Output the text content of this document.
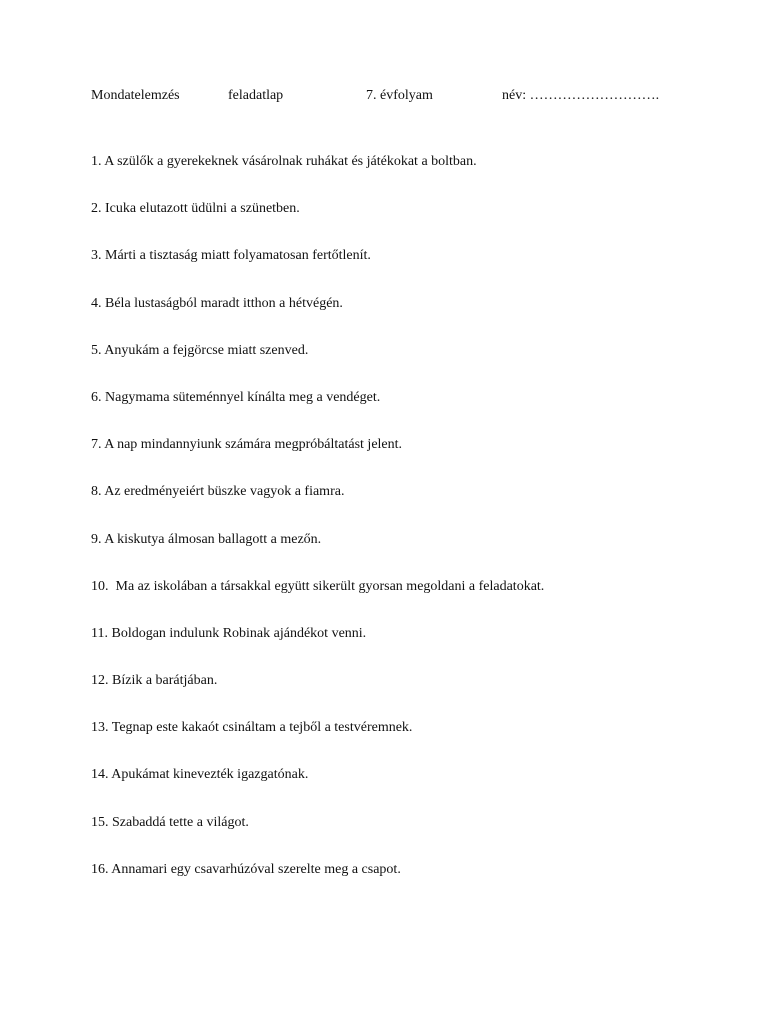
Mondatelemzés	feladatlap	7. évfolyam	név: ……………………….
1. A szülők a gyerekeknek vásárolnak ruhákat és játékokat a boltban.
2. Icuka elutazott üdülni a szünetben.
3. Márti a tisztaság miatt folyamatosan fertőtlenít.
4. Béla lustaságból maradt itthon a hétvégén.
5. Anyukám a fejgörcse miatt szenved.
6. Nagymama süteménnyel kínálta meg a vendéget.
7. A nap mindannyiunk számára megpróbáltatást jelent.
8. Az eredményeiért büszke vagyok a fiamra.
9. A kiskutya álmosan ballagott a mezőn.
10.  Ma az iskolában a társakkal együtt sikerült gyorsan megoldani a feladatokat.
11. Boldogan indulunk Robinak ajándékot venni.
12. Bízik a barátjában.
13. Tegnap este kakaót csináltam a tejből a testvéremnek.
14. Apukámat kinevezték igazgatónak.
15. Szabaddá tette a világot.
16. Annamari egy csavarhúzóval szerelte meg a csapot.
